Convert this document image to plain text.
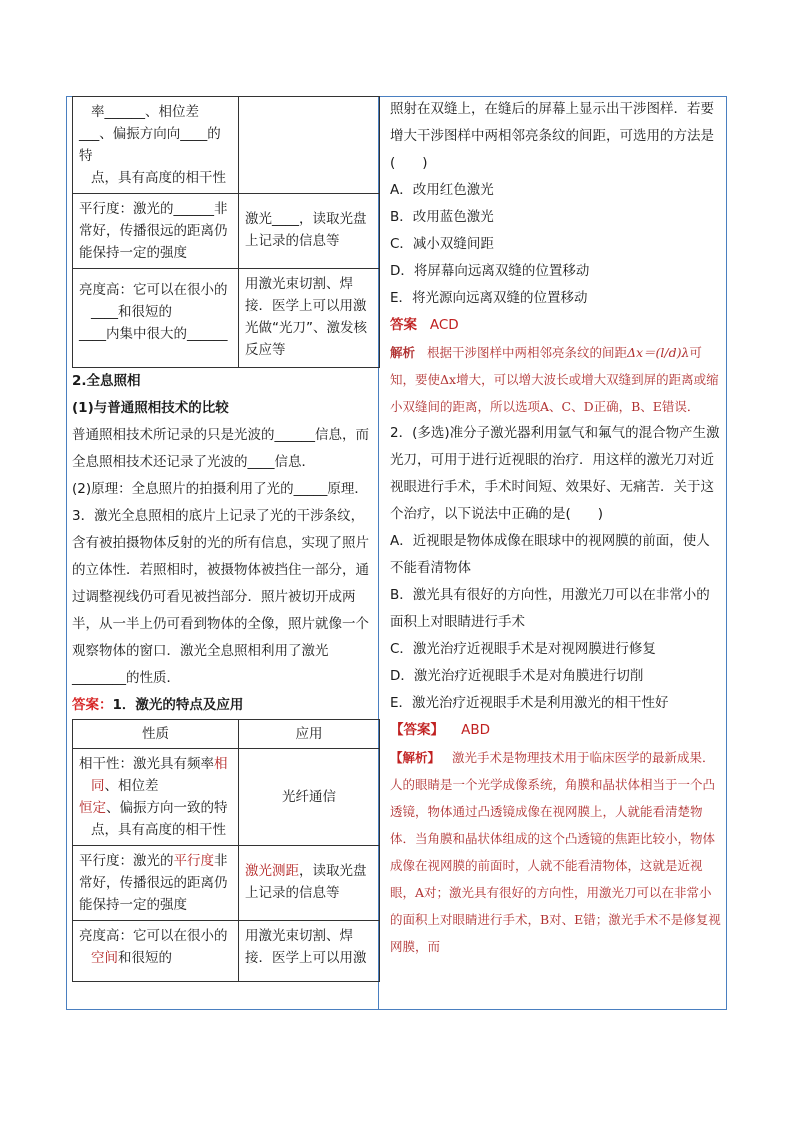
率______、相位差
___、偏振方向向____的特
点，具有高度的相干性	

平行度：激光的______非
常好，传播很远的距离仍
能保持一定的强度	激光____，读取光盘上记录的信息等

亮度高：它可以在很小的
____和很短的
____内集中很大的______	用激光束切割、焊接．医学上可以用激光做“光刀”、激发核反应等

2.全息照相

(1)与普通照相技术的比较

普通照相技术所记录的只是光波的______信息，而全息照相技术还记录了光波的____信息．

(2)原理：全息照片的拍摄利用了光的_____原理．

3．激光全息照相的底片上记录了光的干涉条纹，含有被拍摄物体反射的光的所有信息，实现了照片的立体性．若照相时，被摄物体被挡住一部分，通过调整视线仍可看见被挡部分．照片被切开成两半，从一半上仍可看到物体的全像，照片就像一个观察物体的窗口．激光全息照相利用了激光________的性质．

答案：1．激光的特点及应用

性质	应用

相干性：激光具有频率相
同、相位差
恒定、偏振方向一致的特
点，具有高度的相干性	光纤通信

平行度：激光的平行度非
常好，传播很远的距离仍
能保持一定的强度	激光测距，读取光盘上记录的信息等

亮度高：它可以在很小的
空间和很短的	用激光束切割、焊接．医学上可以用激

照射在双缝上，在缝后的屏幕上显示出干涉图样．若要增大干涉图样中两相邻亮条纹的间距，可选用的方法是(　　)

A．改用红色激光

B．改用蓝色激光

C．减小双缝间距

D．将屏幕向远离双缝的位置移动

E．将光源向远离双缝的位置移动

答案 ACD

解析 根据干涉图样中两相邻亮条纹的间距Δx＝(l/d)λ可知，要使Δx增大，可以增大波长或增大双缝到屏的距离或缩小双缝间的距离，所以选项A、C、D正确，B、E错误．

2．(多选)准分子激光器利用氩气和氟气的混合物产生激光刀，可用于进行近视眼的治疗．用这样的激光刀对近视眼进行手术，手术时间短、效果好、无痛苦．关于这个治疗，以下说法中正确的是(　　)

A．近视眼是物体成像在眼球中的视网膜的前面，使人不能看清物体

B．激光具有很好的方向性，用激光刀可以在非常小的面积上对眼睛进行手术

C．激光治疗近视眼手术是对视网膜进行修复

D．激光治疗近视眼手术是对角膜进行切削

E．激光治疗近视眼手术是利用激光的相干性好

【答案】 ABD

【解析】 激光手术是物理技术用于临床医学的最新成果．人的眼睛是一个光学成像系统，角膜和晶状体相当于一个凸透镜，物体通过凸透镜成像在视网膜上，人就能看清楚物体．当角膜和晶状体组成的这个凸透镜的焦距比较小，物体成像在视网膜的前面时，人就不能看清物体，这就是近视眼，A对；激光具有很好的方向性，用激光刀可以在非常小的面积上对眼睛进行手术，B对、E错；激光手术不是修复视网膜，而
